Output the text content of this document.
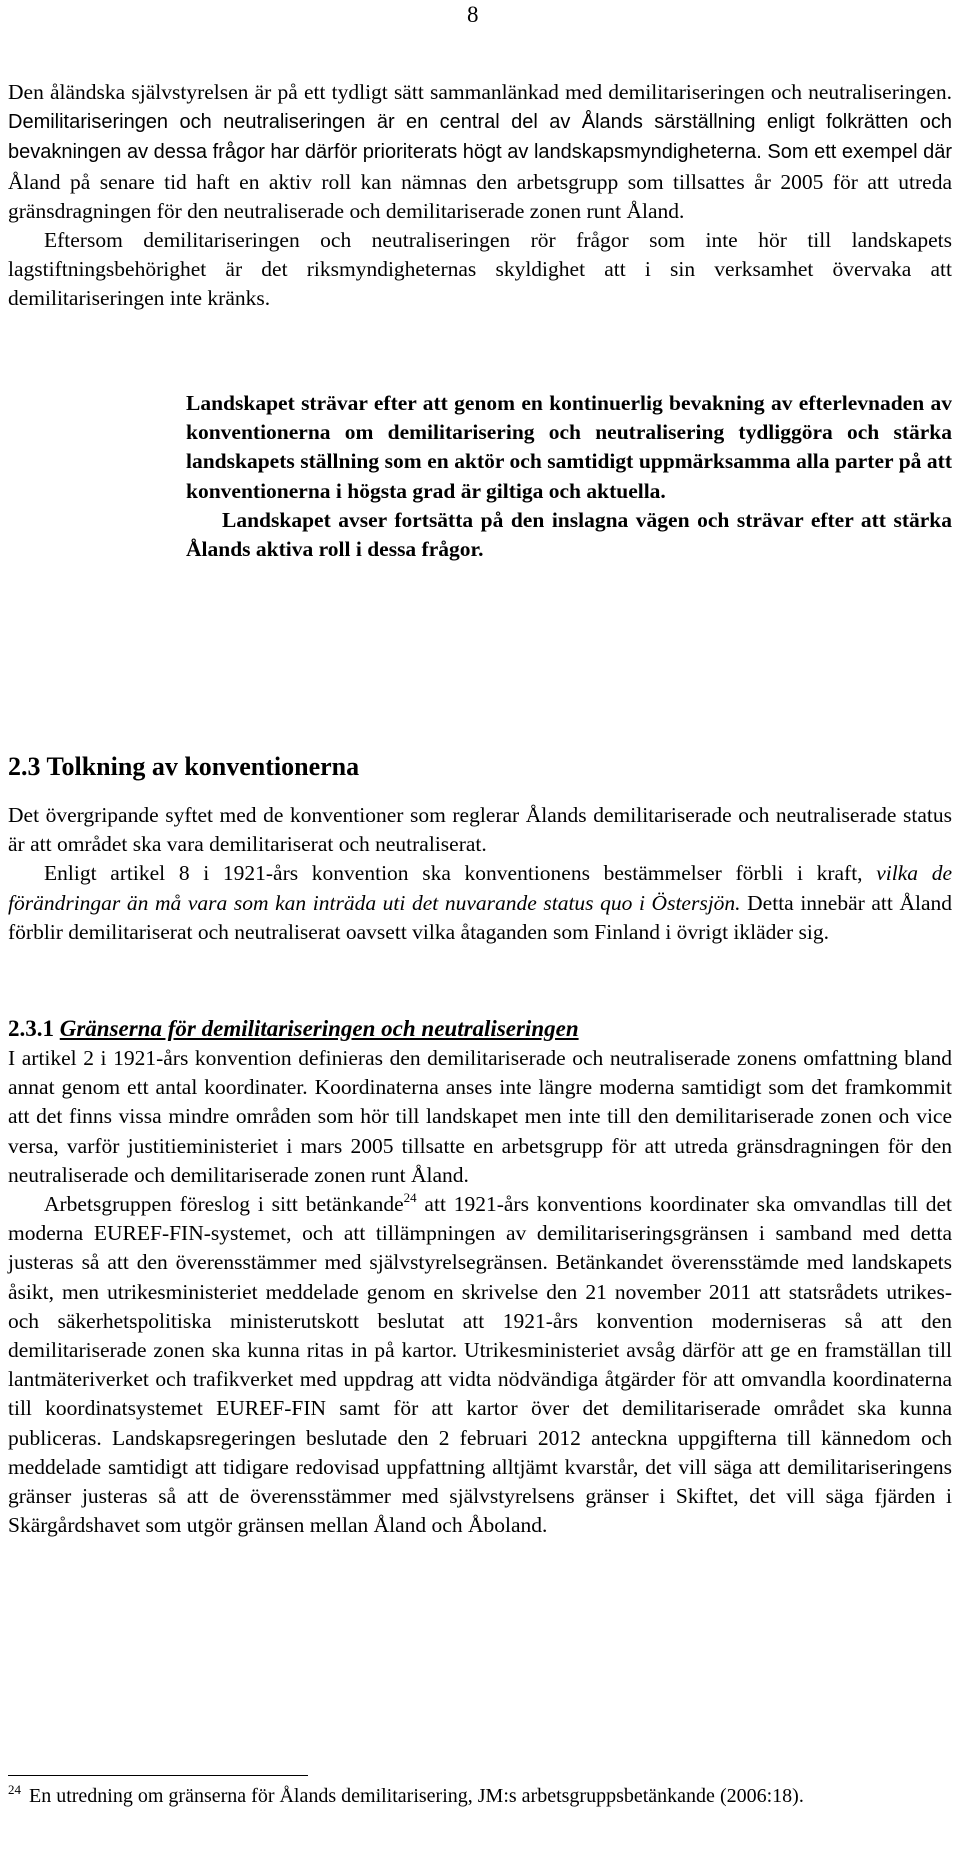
8

Den åländska självstyrelsen är på ett tydligt sätt sammanlänkad med demilitariseringen och neutraliseringen. Demilitariseringen och neutraliseringen är en central del av Ålands särställning enligt folkrätten och bevakningen av dessa frågor har därför prioriterats högt av landskapsmyndigheterna. Som ett exempel där Åland på senare tid haft en aktiv roll kan nämnas den arbetsgrupp som tillsattes år 2005 för att utreda gränsdragningen för den neutraliserade och demilitariserade zonen runt Åland.

Eftersom demilitariseringen och neutraliseringen rör frågor som inte hör till landskapets lagstiftningsbehörighet är det riksmyndigheternas skyldighet att i sin verksamhet övervaka att demilitariseringen inte kränks.

Landskapet strävar efter att genom en kontinuerlig bevakning av efterlevnaden av konventionerna om demilitarisering och neutralisering tydliggöra och stärka landskapets ställning som en aktör och samtidigt uppmärksamma alla parter på att konventionerna i högsta grad är giltiga och aktuella.

Landskapet avser fortsätta på den inslagna vägen och strävar efter att stärka Ålands aktiva roll i dessa frågor.

2.3 Tolkning av konventionerna

Det övergripande syftet med de konventioner som reglerar Ålands demilitariserade och neutraliserade status är att området ska vara demilitariserat och neutraliserat.

Enligt artikel 8 i 1921-års konvention ska konventionens bestämmelser förbli i kraft, vilka de förändringar än må vara som kan inträda uti det nuvarande status quo i Östersjön. Detta innebär att Åland förblir demilitariserat och neutraliserat oavsett vilka åtaganden som Finland i övrigt ikläder sig.

2.3.1 Gränserna för demilitariseringen och neutraliseringen

I artikel 2 i 1921-års konvention definieras den demilitariserade och neutraliserade zonens omfattning bland annat genom ett antal koordinater. Koordinaterna anses inte längre moderna samtidigt som det framkommit att det finns vissa mindre områden som hör till landskapet men inte till den demilitariserade zonen och vice versa, varför justitieministeriet i mars 2005 tillsatte en arbetsgrupp för att utreda gränsdragningen för den neutraliserade och demilitariserade zonen runt Åland.

Arbetsgruppen föreslog i sitt betänkande$^{24}$ att 1921-års konventions koordinater ska omvandlas till det moderna EUREF-FIN-systemet, och att tillämpningen av demilitariseringsgränsen i samband med detta justeras så att den överensstämmer med självstyrelsegränsen. Betänkandet överensstämde med landskapets åsikt, men utrikesministeriet meddelade genom en skrivelse den 21 november 2011 att statsrådets utrikes- och säkerhetspolitiska ministerutskott beslutat att 1921-års konvention moderniseras så att den demilitariserade zonen ska kunna ritas in på kartor. Utrikesministeriet avsåg därför att ge en framställan till lantmäteriverket och trafikverket med uppdrag att vidta nödvändiga åtgärder för att omvandla koordinaterna till koordinatsystemet EUREF-FIN samt för att kartor över det demilitariserade området ska kunna publiceras. Landskapsregeringen beslutade den 2 februari 2012 anteckna uppgifterna till kännedom och meddelade samtidigt att tidigare redovisad uppfattning alltjämt kvarstår, det vill säga att demilitariseringens gränser justeras så att de överensstämmer med självstyrelsens gränser i Skiftet, det vill säga fjärden i Skärgårdshavet som utgör gränsen mellan Åland och Åboland.

$^{24}$ En utredning om gränserna för Ålands demilitarisering, JM:s arbetsgruppsbetänkande (2006:18).
